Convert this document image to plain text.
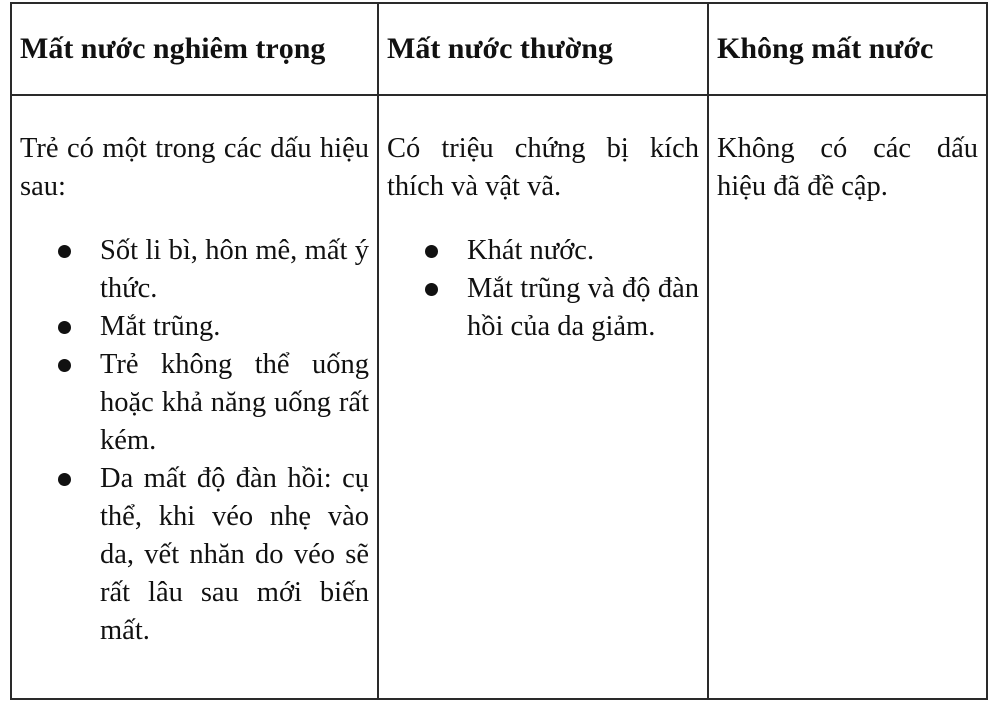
Mất nước nghiêm trọng Mất nước thường	Không mất nước

Trẻ có một trong các dấu hiệu sau:

Sốt li bì, hôn mê, mất ý thức.
Mắt trũng.
Trẻ không thể uống hoặc khả năng uống rất kém.
Da mất độ đàn hồi: cụ thể, khi véo nhẹ vào da, vết nhăn do véo sẽ rất lâu sau mới biến mất.

Có triệu chứng bị kích thích và vật vã.

Khát nước.
Mắt trũng và độ đàn hồi của da giảm.

Không có các dấu hiệu đã đề cập.
